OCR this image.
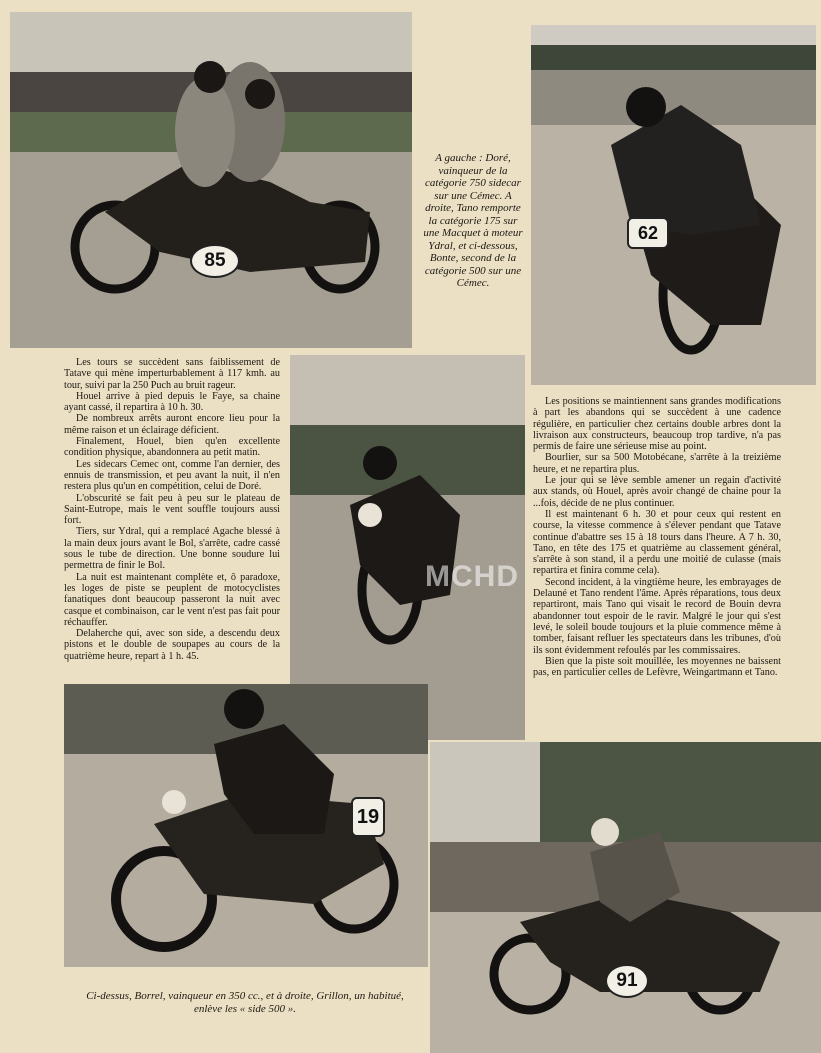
85
A gauche : Doré, vainqueur de la catégorie 750 sidecar sur une Cémec. A droite, Tano remporte la catégorie 175 sur une Macquet à moteur Ydral, et ci-dessous, Bonte, second de la catégorie 500 sur une Cémec.
62

Les tours se succèdent sans faiblissement de Tatave qui mène imperturbablement à 117 kmh. au tour, suivi par la 250 Puch au bruit rageur.

Houel arrive à pied depuis le Faye, sa chaine ayant cassé, il repartira à 10 h. 30.

De nombreux arrêts auront encore lieu pour la même raison et un éclairage déficient.

Finalement, Houel, bien qu'en excellente condition physique, abandonnera au petit matin.

Les sidecars Cemec ont, comme l'an dernier, des ennuis de transmission, et peu avant la nuit, il n'en restera plus qu'un en compétition, celui de Doré.

L'obscurité se fait peu à peu sur le plateau de Saint-Eutrope, mais le vent souffle toujours aussi fort.

Tiers, sur Ydral, qui a remplacé Agache blessé à la main deux jours avant le Bol, s'arrête, cadre cassé sous le tube de direction. Une bonne soudure lui permettra de finir le Bol.

La nuit est maintenant complète et, ô paradoxe, les loges de piste se peuplent de motocyclistes fanatiques dont beaucoup passeront la nuit avec casque et combinaison, car le vent n'est pas fait pour réchauffer.

Delaherche qui, avec son side, a descendu deux pistons et le double de soupapes au cours de la quatrième heure, repart à 1 h. 45.

MCHD

Les positions se maintiennent sans grandes modifications à part les abandons qui se succèdent à une cadence régulière, en particulier chez certains double arbres dont la livraison aux constructeurs, beaucoup trop tardive, n'a pas permis de faire une sérieuse mise au point.

Bourlier, sur sa 500 Motobécane, s'arrête à la treizième heure, et ne repartira plus.

Le jour qui se lève semble amener un regain d'activité aux stands, où Houel, après avoir changé de chaine pour la ...fois, décide de ne plus continuer.

Il est maintenant 6 h. 30 et pour ceux qui restent en course, la vitesse commence à s'élever pendant que Tatave continue d'abattre ses 15 à 18 tours dans l'heure. A 7 h. 30, Tano, en tête des 175 et quatrième au classement général, s'arrête à son stand, il a perdu une moitié de culasse (mais repartira et finira comme cela).

Second incident, à la vingtième heure, les embrayages de Delauné et Tano rendent l'âme. Après réparations, tous deux repartiront, mais Tano qui visait le record de Bouin devra abandonner tout espoir de le ravir. Malgré le jour qui s'est levé, le soleil boude toujours et la pluie commence même à tomber, faisant refluer les spectateurs dans les tribunes, d'où ils sont évidemment refoulés par les commissaires.

Bien que la piste soit mouillée, les moyennes ne baissent pas, en particulier celles de Lefèvre, Weingartmann et Tano.

19
91
Ci-dessus, Borrel, vainqueur en 350 cc., et à droite, Grillon, un habitué, enlève les « side 500 ».
